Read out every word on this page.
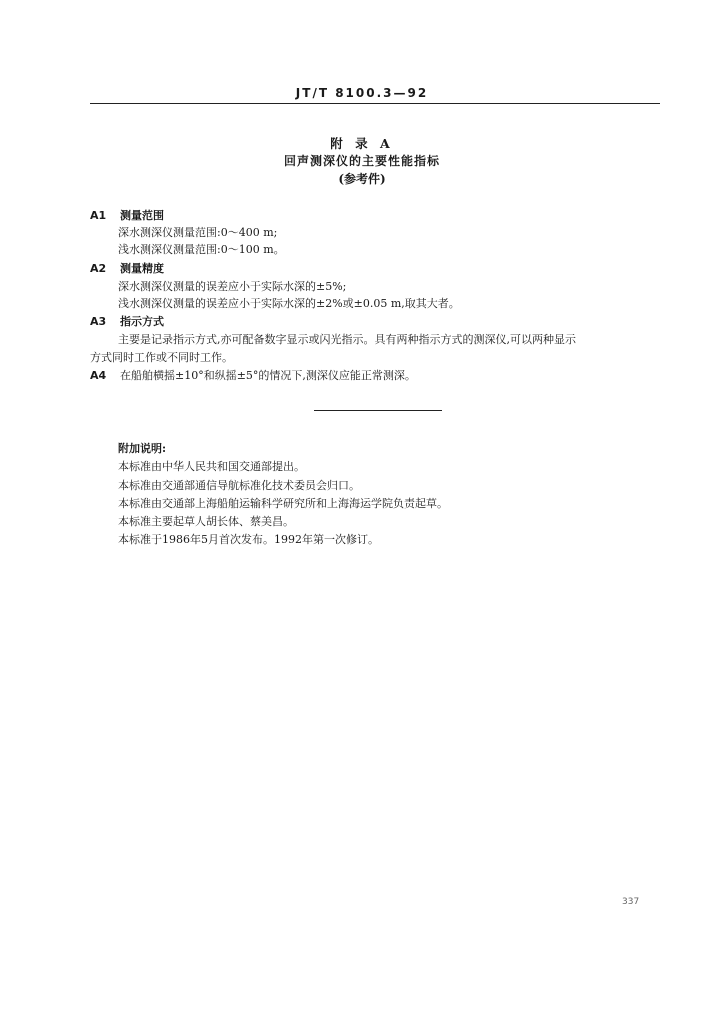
JT/T 8100.3—92
附 录 A
回声测深仪的主要性能指标
(参考件)
A1 测量范围
深水测深仪测量范围:0～400 m;
浅水测深仪测量范围:0～100 m。
A2 测量精度
深水测深仪测量的误差应小于实际水深的±5%;
浅水测深仪测量的误差应小于实际水深的±2%或±0.05 m,取其大者。
A3 指示方式
主要是记录指示方式,亦可配备数字显示或闪光指示。具有两种指示方式的测深仪,可以两种显示
方式同时工作或不同时工作。
A4 在船舶横摇±10°和纵摇±5°的情况下,测深仪应能正常测深。
附加说明:
本标准由中华人民共和国交通部提出。
本标准由交通部通信导航标准化技术委员会归口。
本标准由交通部上海船舶运输科学研究所和上海海运学院负责起草。
本标准主要起草人胡长体、蔡美昌。
本标准于1986年5月首次发布。1992年第一次修订。
337
